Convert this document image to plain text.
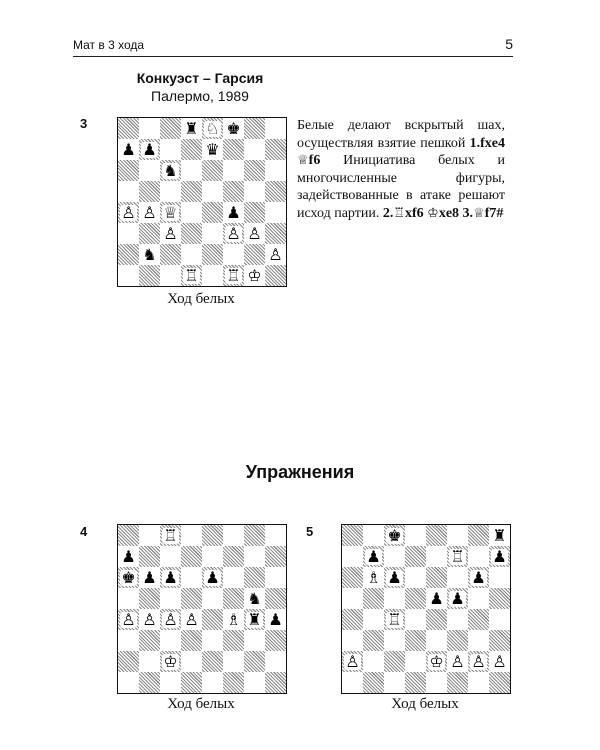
Мат в 3 хода	5
Конкуэст – Гарсия
Палермо, 1989
3	♜ ♘ ♚
♟ ♟	♛
♞
♙ ♙ ♕	♟
♙	♙ ♙
♞	♙
♖ ♖ ♔
Ход белых
Белые делают вскрытый шах, осуществляя взятие пешкой 1.fxe4 ♕f6 Инициатива белых и многочисленные фигуры, задействованные в атаке решают исход партии. 2.♖xf6 ♔xe8 3.♕f7#
Упражнения
4	♖
♟
♚ ♟ ♟ ♟
♞
♙ ♙ ♙ ♙ ♗ ♜ ♟
♔
Ход белых
5	♚	♜
♟	♖ ♟
♗ ♟	♟
♟ ♟
♖
♙	♔ ♙ ♙ ♙
Ход белых
